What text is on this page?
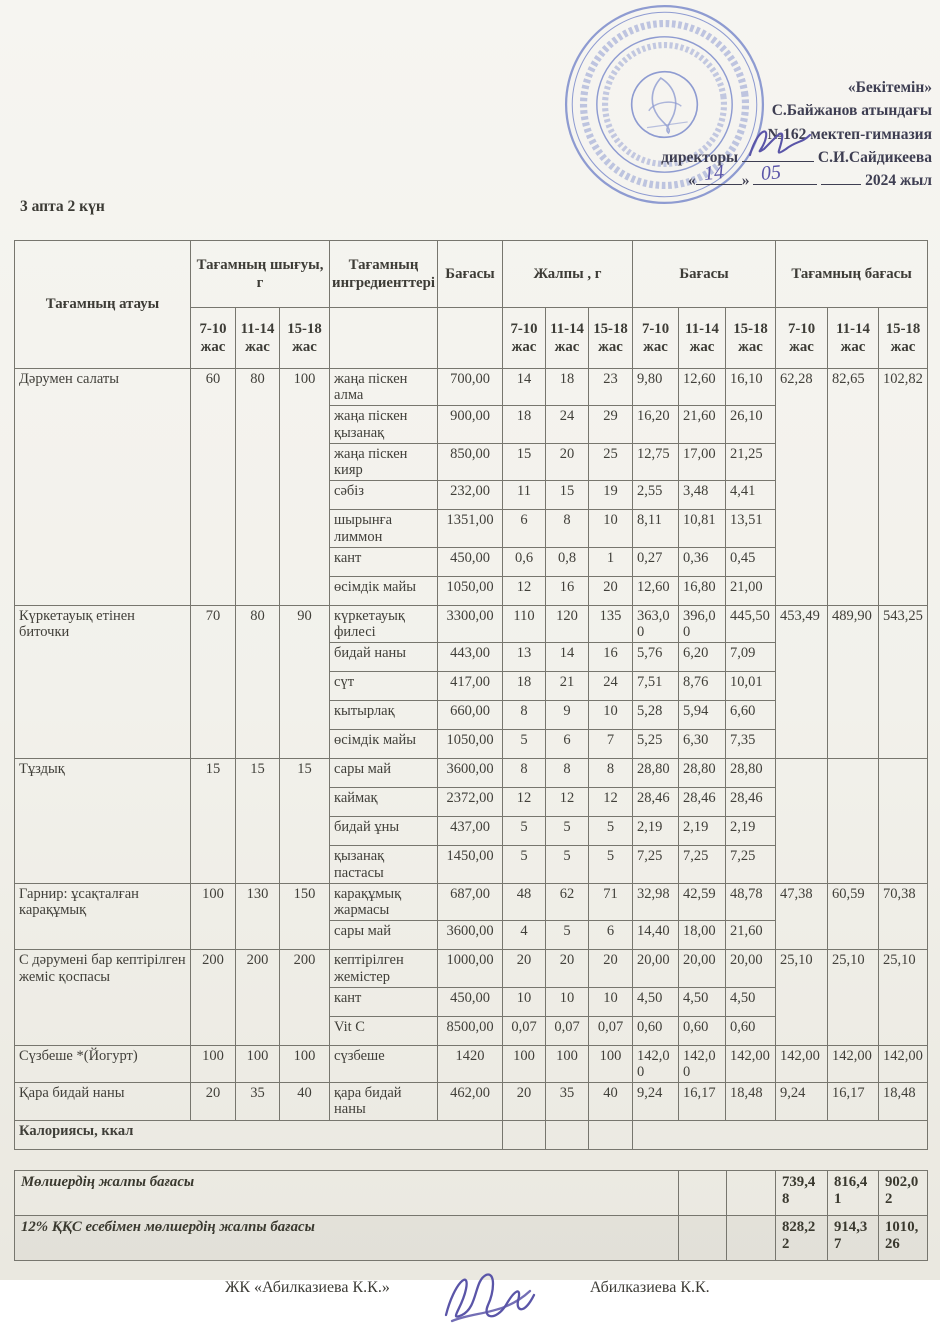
«Бекітемін»
С.Байжанов атындағы
№162 мектеп-гимназия
директоры	С.И.Сайдикеева
« 14 » 05	2024 жыл
3 апта 2 күн
Тағамның атауы	Тағамның шығуы, г			Тағамның ингредиенттері	Бағасы	Жалпы , г			Бағасы			Тағамның бағасы		
	7-10 жас	11-14 жас	15-18 жас			7-10 жас	11-14 жас	15-18 жас	7-10 жас	11-14 жас	15-18 жас	7-10 жас	11-14 жас	15-18 жас
Дәрумен салаты	60	80	100	жаңа піскен алма	700,00	14	18	23	9,80	12,60	16,10	62,28	82,65	102,82
				жаңа піскен қызанақ	900,00	18	24	29	16,20	21,60	26,10			
				жаңа піскен кияр	850,00	15	20	25	12,75	17,00	21,25			
				сәбіз	232,00	11	15	19	2,55	3,48	4,41			
				шырынға лиммон	1351,00	6	8	10	8,11	10,81	13,51			
				кант	450,00	0,6	0,8	1	0,27	0,36	0,45			
				өсімдік майы	1050,00	12	16	20	12,60	16,80	21,00			
Күркетауық етінен биточки	70	80	90	күркетауық филесі	3300,00	110	120	135	363,00	396,00	445,50	453,49	489,90	543,25
				бидай наны	443,00	13	14	16	5,76	6,20	7,09			
				сүт	417,00	18	21	24	7,51	8,76	10,01			
				кытырлақ	660,00	8	9	10	5,28	5,94	6,60			
				өсімдік майы	1050,00	5	6	7	5,25	6,30	7,35			
Тұздық	15	15	15	сары май	3600,00	8	8	8	28,80	28,80	28,80			
				каймақ	2372,00	12	12	12	28,46	28,46	28,46			
				бидай ұны	437,00	5	5	5	2,19	2,19	2,19			
				қызанақ пастасы	1450,00	5	5	5	7,25	7,25	7,25			
Гарнир: ұсақталған карақұмық	100	130	150	карақұмық жармасы	687,00	48	62	71	32,98	42,59	48,78	47,38	60,59	70,38
				сары май	3600,00	4	5	6	14,40	18,00	21,60			
С дәрумені бар кептірілген жеміс қоспасы	200	200	200	кептірілген жемістер	1000,00	20	20	20	20,00	20,00	20,00	25,10	25,10	25,10
				кант	450,00	10	10	10	4,50	4,50	4,50			
				Vit C	8500,00	0,07	0,07	0,07	0,60	0,60	0,60			
Сүзбеше *(Йогурт)	100	100	100	сүзбеше	1420	100	100	100	142,00	142,00	142,00	142,00	142,00	142,00
Қара бидай наны	20	35	40	қара бидай наны	462,00	20	35	40	9,24	16,17	18,48	9,24	16,17	18,48
Калориясы, ккал														
Мөлшердің жалпы бағасы			739,48	816,41	902,02
12% ҚҚС есебімен мөлшердің жалпы бағасы			828,22	914,37	1010,26
ЖК «Абилказиева К.К.»	Абилказиева К.К.
